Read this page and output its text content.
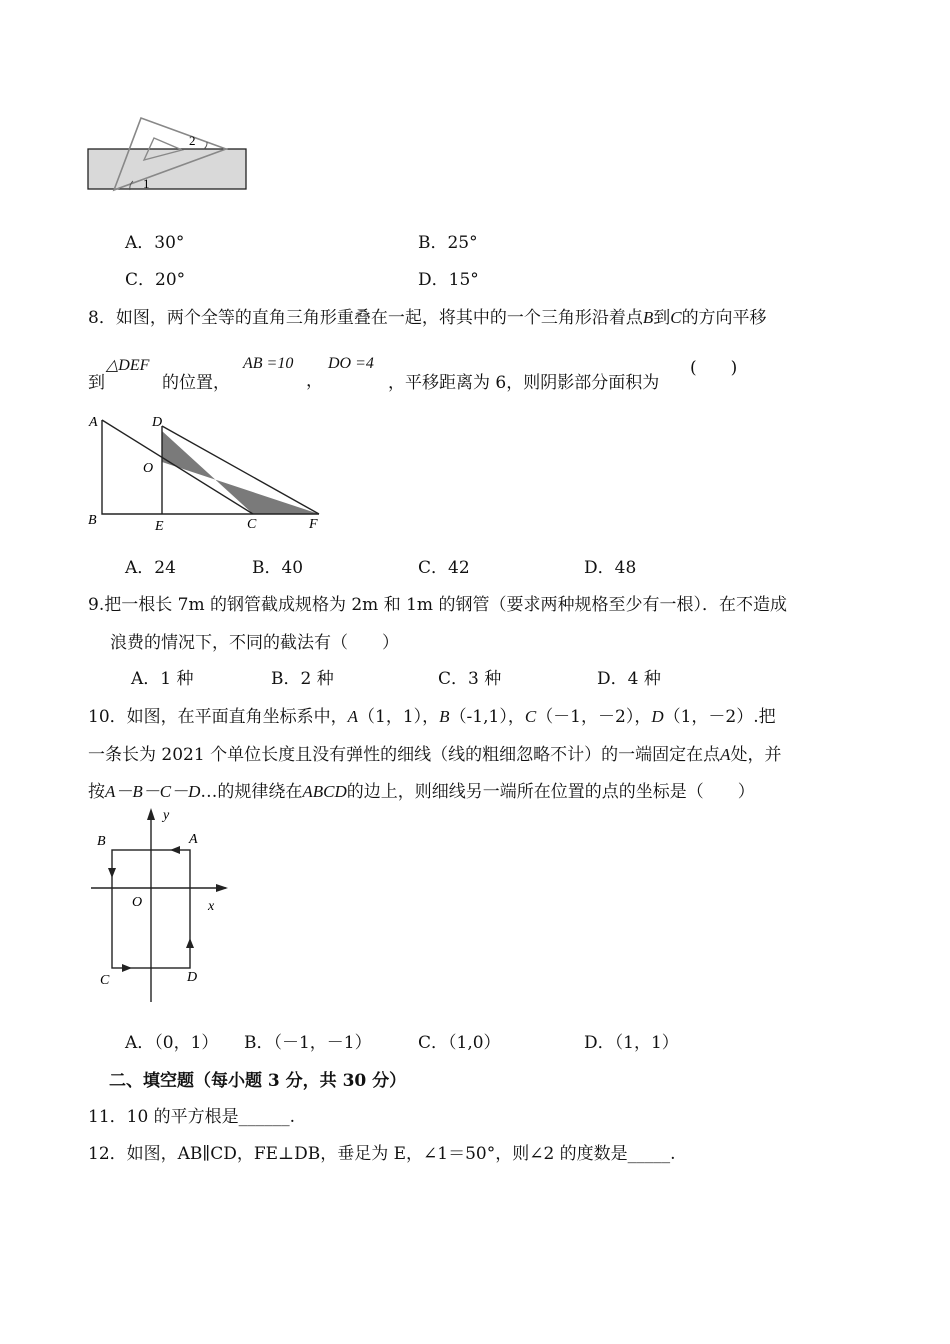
2
1
A．30°	B．25°
C．20°	D．15°
8．如图，两个全等的直角三角形重叠在一起，将其中的一个三角形沿着点B到C的方向平移
到
△DEF
的位置，
AB =10
，
DO =4
，平移距离为 6，则阴影部分面积为
(　　)
A	D
O
B	E	C	F
A．24	B．40	C．42	D．48
9.把一根长 7m 的钢管截成规格为 2m 和 1m 的钢管（要求两种规格至少有一根）．在不造成
浪费的情况下，不同的截法有（　　）
A．1 种	B．2 种	C．3 种	D．4 种
10．如图，在平面直角坐标系中，A（1，1），B（-1,1），C（－1，－2），D（1，－2）.把
一条长为 2021 个单位长度且没有弹性的细线（线的粗细忽略不计）的一端固定在点A处，并
按A－B－C－D…的规律绕在ABCD的边上，则细线另一端所在位置的点的坐标是（　　）
y
x
A
B
O
C	D
A．（0，1） B．（－1，－1）	C．（1,0）	D．（1，1）
二、填空题（每小题 3 分，共 30 分）
11．10 的平方根是______.
12．如图，AB∥CD，FE⊥DB，垂足为 E，∠1＝50°，则∠2 的度数是_____.
